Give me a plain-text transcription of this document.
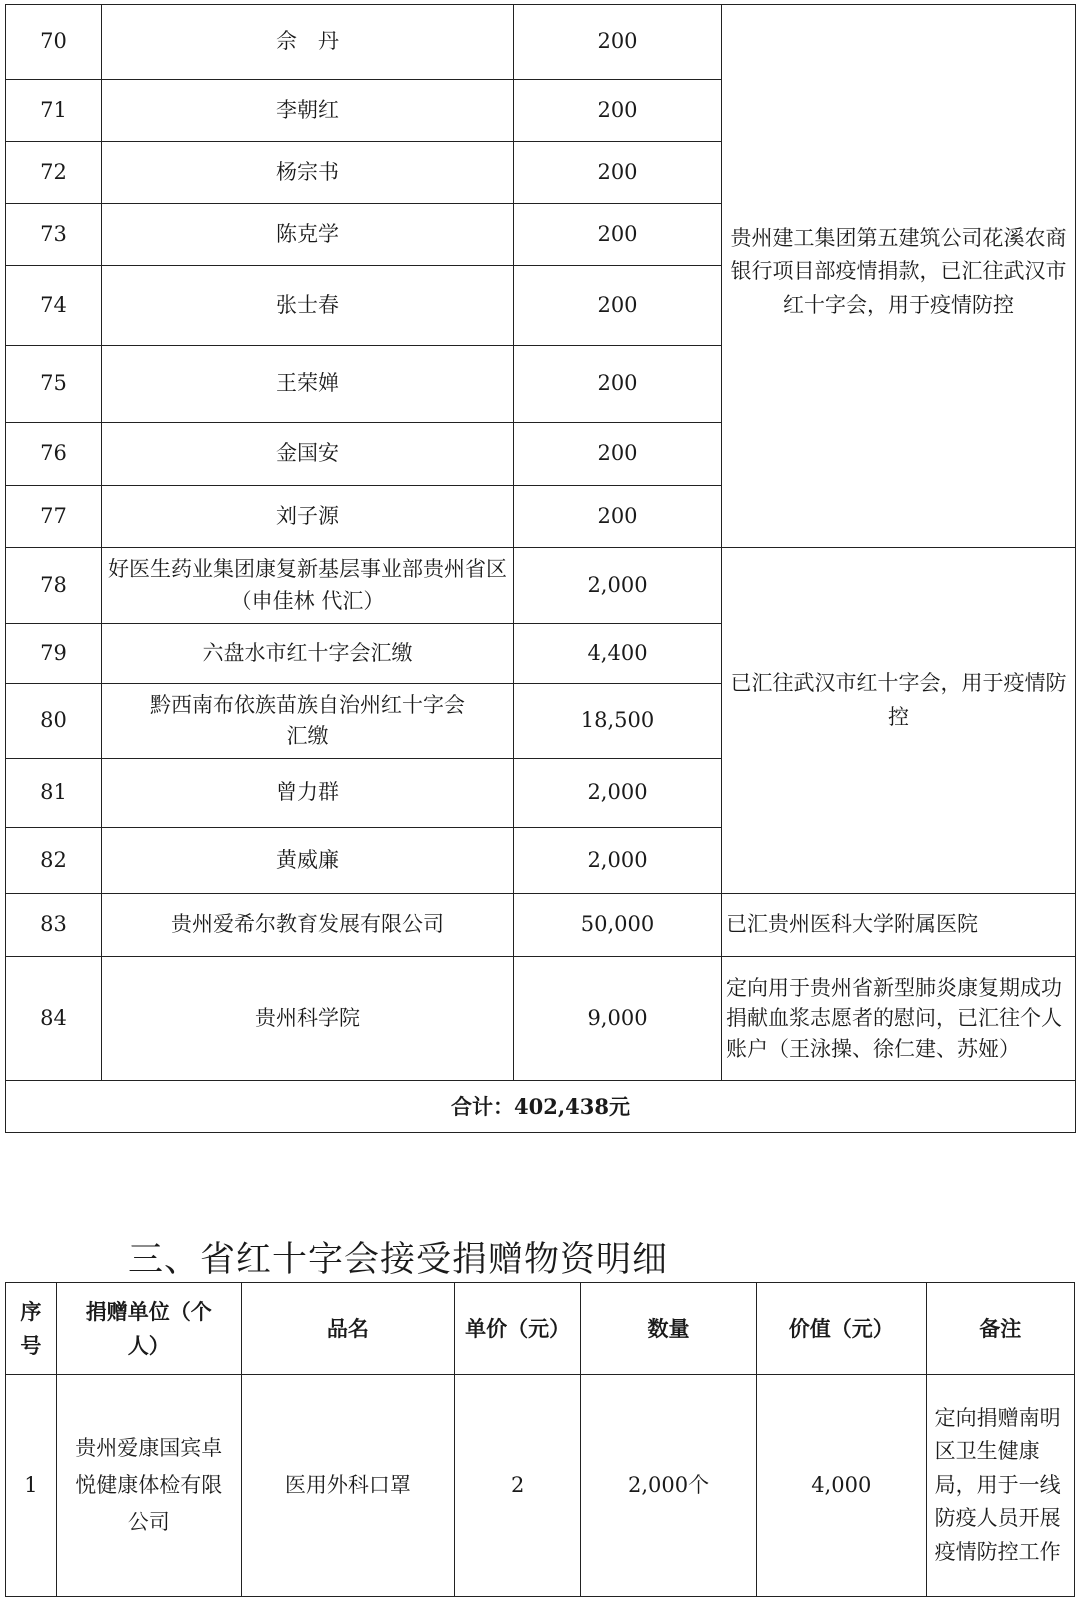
70	佘　丹	200	贵州建工集团第五建筑公司花溪农商银行项目部疫情捐款，已汇往武汉市红十字会，用于疫情防控

71	李朝红	200	
72	杨宗书	200	
73	陈克学	200	
74	张士春	200	
75	王荣婵	200	
76	金国安	200	
77	刘子源	200	
78	好医生药业集团康复新基层事业部贵州省区（申佳林 代汇）	2,000	已汇往武汉市红十字会，用于疫情防控

79	六盘水市红十字会汇缴	4,400	
80	黔西南布依族苗族自治州红十字会汇缴	18,500	
81	曾力群	2,000	
82	黄威廉	2,000	
83	贵州爱希尔教育发展有限公司	50,000	已汇贵州医科大学附属医院
84	贵州科学院	9,000	定向用于贵州省新型肺炎康复期成功捐献血浆志愿者的慰问，已汇往个人账户（王泳操、徐仁建、苏娅）
合计：402,438元			
三、省红十字会接受捐赠物资明细
序号	捐赠单位（个人）	品名	单价（元）	数量	价值（元）	备注
1	贵州爱康国宾卓悦健康体检有限公司	医用外科口罩	2	2,000个	4,000	定向捐赠南明区卫生健康局，用于一线防疫人员开展疫情防控工作
